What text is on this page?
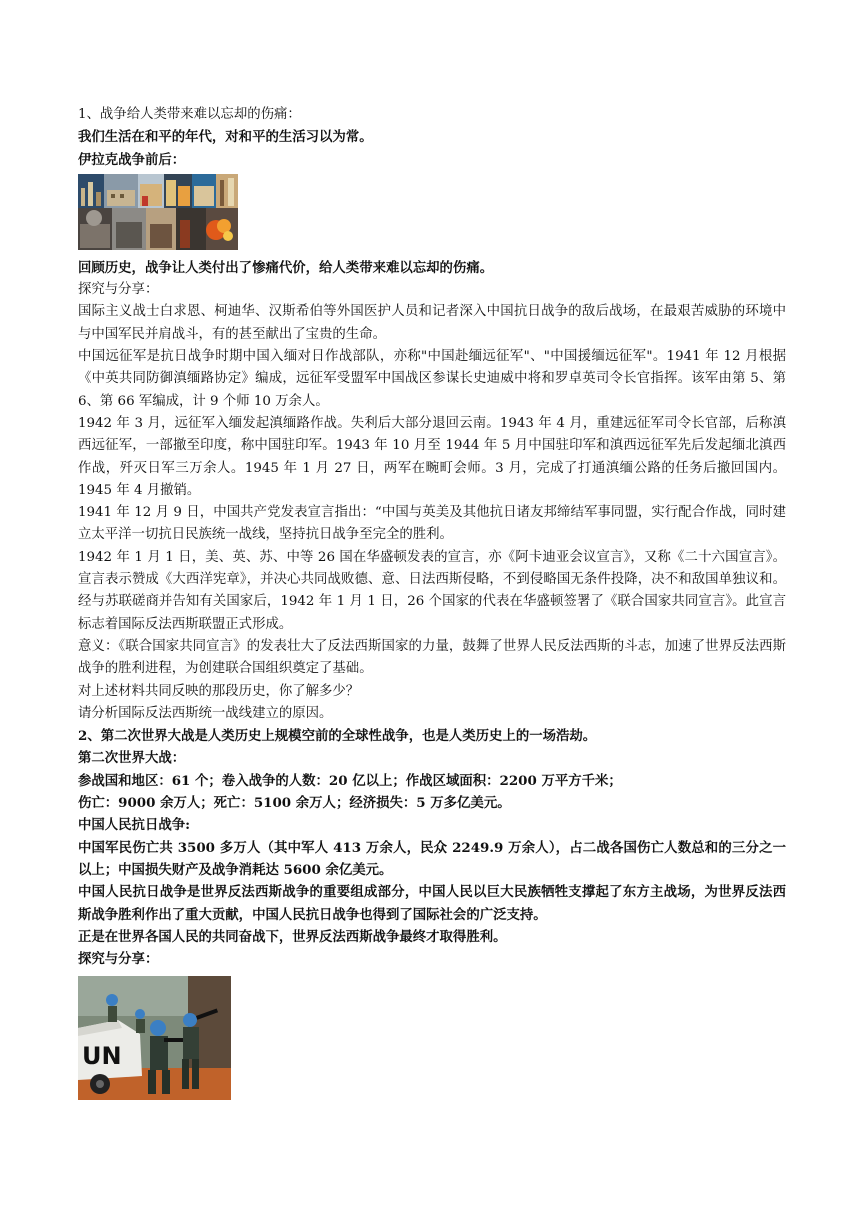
1、战争给人类带来难以忘却的伤痛：

我们生活在和平的年代，对和平的生活习以为常。

伊拉克战争前后：

回顾历史，战争让人类付出了惨痛代价，给人类带来难以忘却的伤痛。

探究与分享：

国际主义战士白求恩、柯迪华、汉斯希伯等外国医护人员和记者深入中国抗日战争的敌后战场，在最艰苦威胁的环境中与中国军民并肩战斗，有的甚至献出了宝贵的生命。

中国远征军是抗日战争时期中国入缅对日作战部队，亦称"中国赴缅远征军"、"中国援缅远征军"。1941 年 12 月根据《中英共同防御滇缅路协定》编成，远征军受盟军中国战区参谋长史迪威中将和罗卓英司令长官指挥。该军由第 5、第 6、第 66 军编成，计 9 个师 10 万余人。

1942 年 3 月，远征军入缅发起滇缅路作战。失利后大部分退回云南。1943 年 4 月，重建远征军司令长官部，后称滇西远征军，一部撤至印度，称中国驻印军。1943 年 10 月至 1944 年 5 月中国驻印军和滇西远征军先后发起缅北滇西作战，歼灭日军三万余人。1945 年 1 月 27 日，两军在畹町会师。3 月，完成了打通滇缅公路的任务后撤回国内。1945 年 4 月撤销。

1941 年 12 月 9 日，中国共产党发表宣言指出：“中国与英美及其他抗日诸友邦缔结军事同盟，实行配合作战，同时建立太平洋一切抗日民族统一战线，坚持抗日战争至完全的胜利。

1942 年 1 月 1 日，美、英、苏、中等 26 国在华盛顿发表的宣言，亦《阿卡迪亚会议宣言》，又称《二十六国宣言》。宣言表示赞成《大西洋宪章》，并决心共同战败德、意、日法西斯侵略，不到侵略国无条件投降，决不和敌国单独议和。经与苏联磋商并告知有关国家后，1942 年 1 月 1 日，26 个国家的代表在华盛顿签署了《联合国家共同宣言》。此宣言标志着国际反法西斯联盟正式形成。

意义：《联合国家共同宣言》的发表壮大了反法西斯国家的力量，鼓舞了世界人民反法西斯的斗志，加速了世界反法西斯战争的胜利进程，为创建联合国组织奠定了基础。

对上述材料共同反映的那段历史，你了解多少？

请分析国际反法西斯统一战线建立的原因。

2、第二次世界大战是人类历史上规模空前的全球性战争，也是人类历史上的一场浩劫。

第二次世界大战：

参战国和地区：61 个；卷入战争的人数：20 亿以上；作战区域面积：2200 万平方千米；

伤亡：9000 余万人；死亡：5100 余万人；经济损失：5 万多亿美元。

中国人民抗日战争:

中国军民伤亡共 3500 多万人（其中军人 413 万余人，民众 2249.9 万余人），占二战各国伤亡人数总和的三分之一以上；中国损失财产及战争消耗达 5600 余亿美元。

中国人民抗日战争是世界反法西斯战争的重要组成部分，中国人民以巨大民族牺牲支撑起了东方主战场，为世界反法西斯战争胜利作出了重大贡献，中国人民抗日战争也得到了国际社会的广泛支持。

正是在世界各国人民的共同奋战下，世界反法西斯战争最终才取得胜利。

探究与分享：

UN
